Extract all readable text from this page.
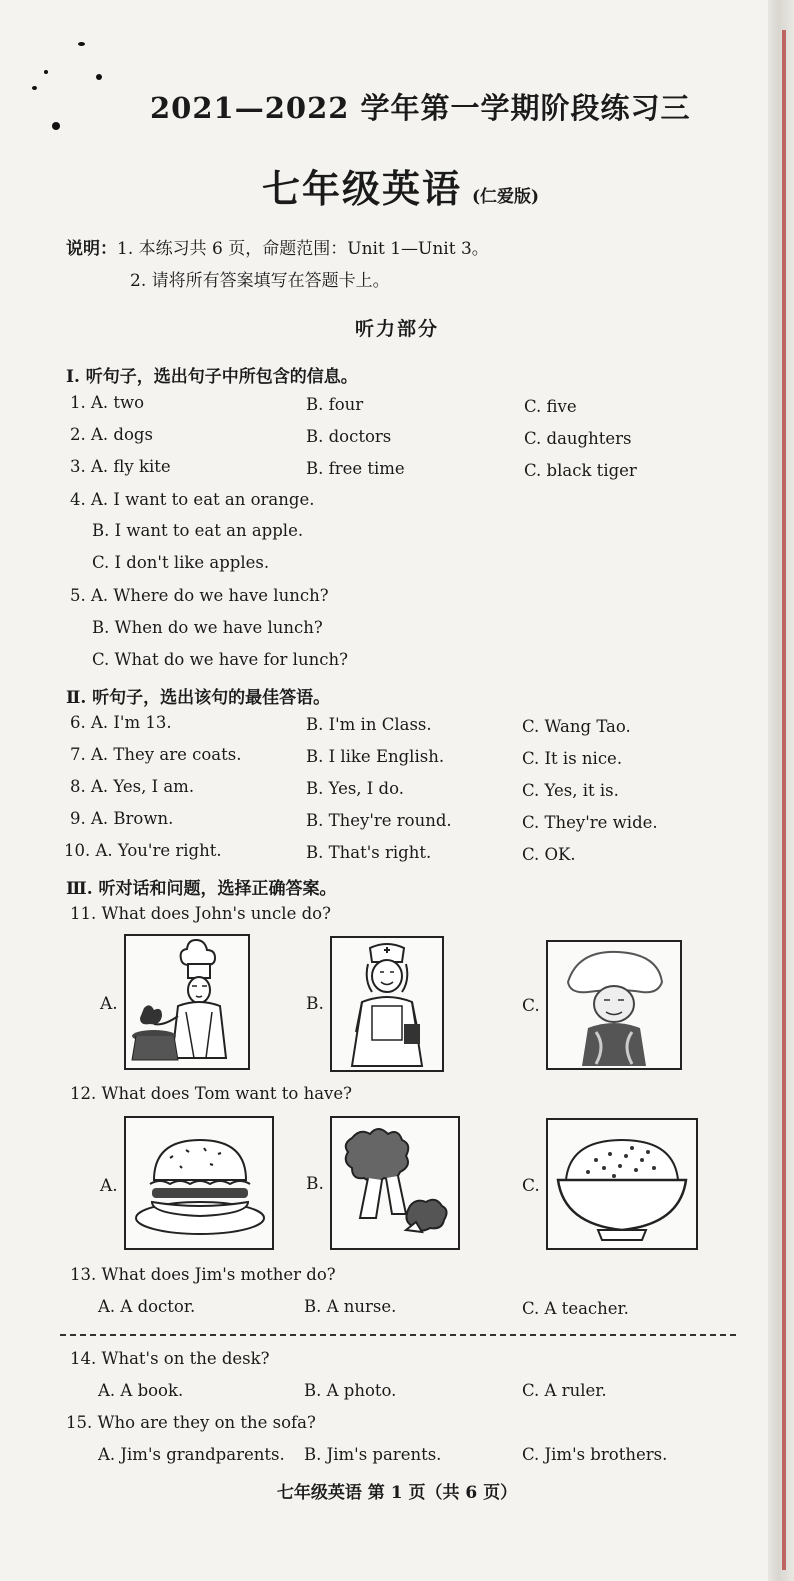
2021—2022 学年第一学期阶段练习三
七年级英语 (仁爱版)
说明：1. 本练习共 6 页，命题范围：Unit 1—Unit 3。
2. 请将所有答案填写在答题卡上。
听力部分
Ⅰ. 听句子，选出句子中所包含的信息。
1. A. two	B. four	C. five
2. A. dogs	B. doctors	C. daughters
3. A. fly kite	B. free time	C. black tiger
4. A. I want to eat an orange.
B. I want to eat an apple.
C. I don't like apples.
5. A. Where do we have lunch?
B. When do we have lunch?
C. What do we have for lunch?
Ⅱ. 听句子，选出该句的最佳答语。
6. A. I'm 13.	B. I'm in Class.	C. Wang Tao.
7. A. They are coats.	B. I like English.	C. It is nice.
8. A. Yes, I am.	B. Yes, I do.	C. Yes, it is.
9. A. Brown.	B. They're round.	C. They're wide.
10. A. You're right.	B. That's right.	C. OK.
Ⅲ. 听对话和问题，选择正确答案。
11. What does John's uncle do?
A.	B.	C.
12. What does Tom want to have?
A.	B.	C.
13. What does Jim's mother do?
A. A doctor.	B. A nurse.	C. A teacher.
14. What's on the desk?
A. A book.	B. A photo.	C. A ruler.
15. Who are they on the sofa?
A. Jim's grandparents. B. Jim's parents.	C. Jim's brothers.
七年级英语 第 1 页（共 6 页）
